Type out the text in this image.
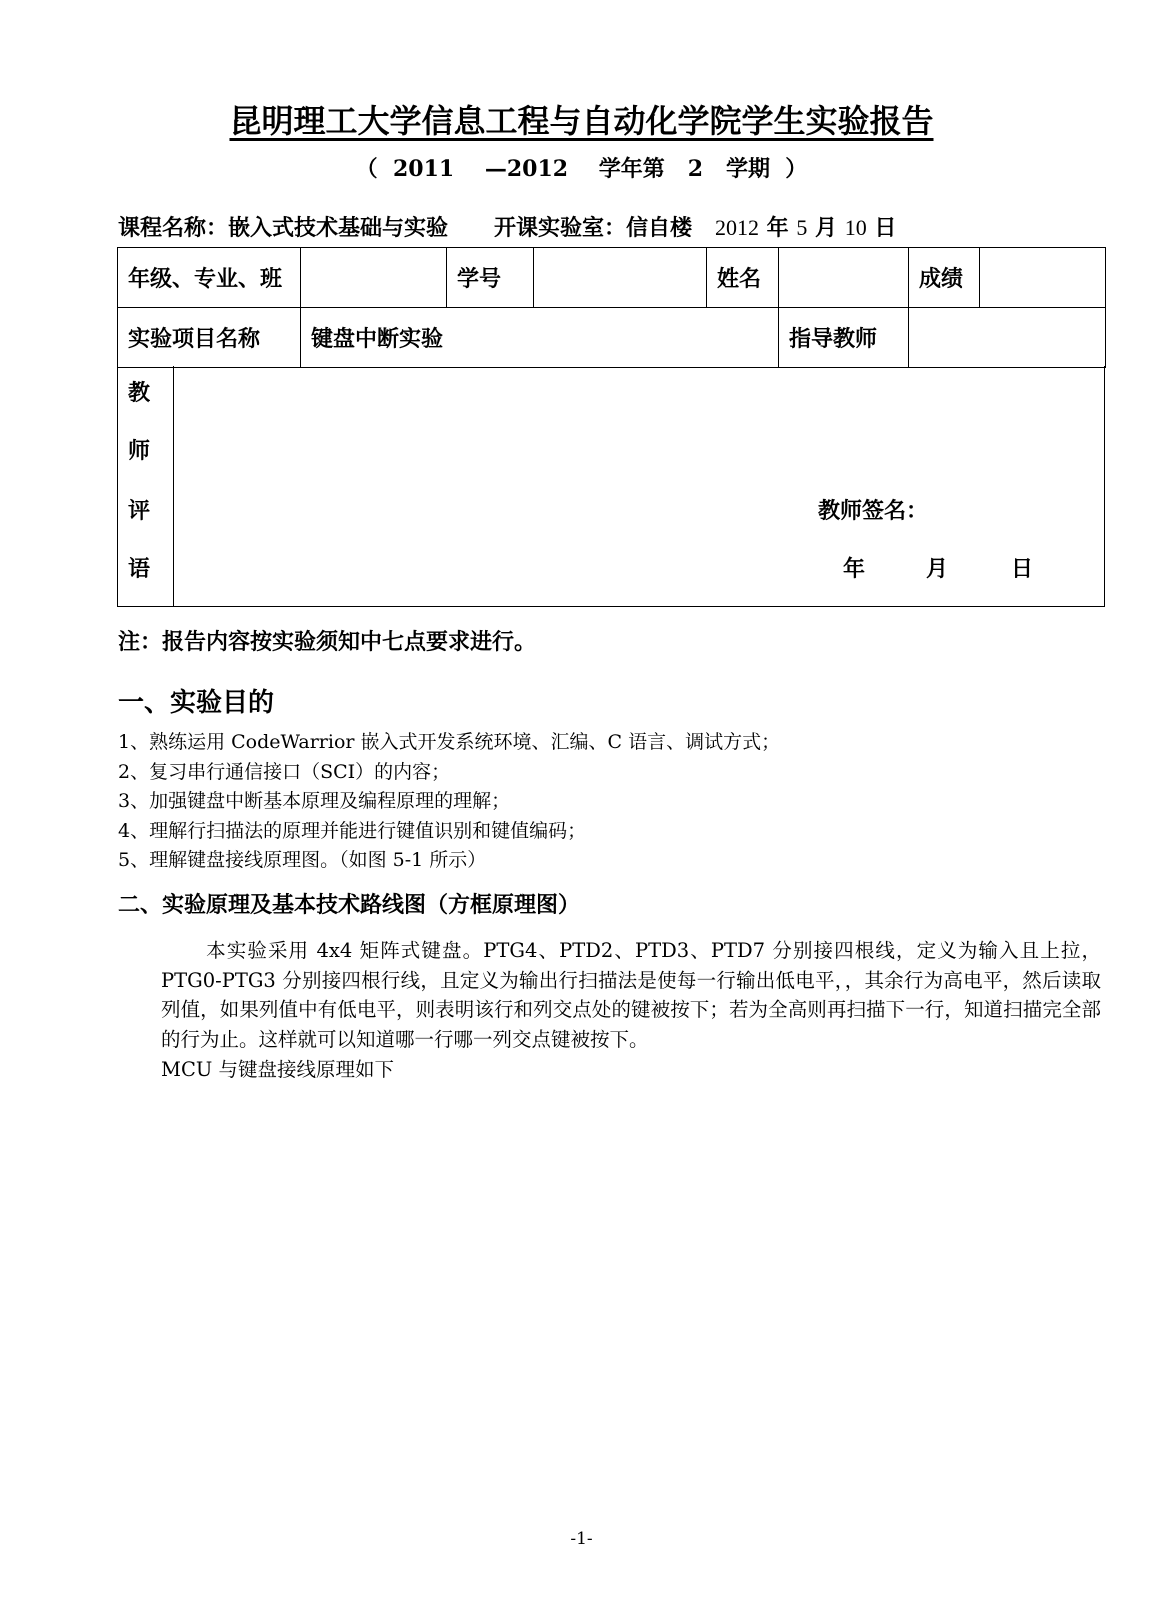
昆明理工大学信息工程与自动化学院学生实验报告
（  2011    —2012    学年第   2   学期  ）
课程名称：嵌入式技术基础与实验 开课实验室：信自楼 2012 年 5 月 10 日
年级、专业、班		学号		姓名		成绩	
实验项目名称	键盘中断实验				指导教师		
教
师
评
语
教师签名：
年	月	日
注：报告内容按实验须知中七点要求进行。
一、实验目的
1、熟练运用 CodeWarrior 嵌入式开发系统环境、汇编、C 语言、调试方式；
2、复习串行通信接口（SCI）的内容；
3、加强键盘中断基本原理及编程原理的理解；
4、理解行扫描法的原理并能进行键值识别和键值编码；
5、理解键盘接线原理图。（如图 5-1 所示）
二、实验原理及基本技术路线图（方框原理图）
本实验采用 4x4 矩阵式键盘。PTG4、PTD2、PTD3、PTD7 分别接四根线，定义为输入且上拉，PTG0-PTG3 分别接四根行线，且定义为输出行扫描法是使每一行输出低电平，，其余行为高电平，然后读取列值，如果列值中有低电平，则表明该行和列交点处的键被按下；若为全高则再扫描下一行，知道扫描完全部的行为止。这样就可以知道哪一行哪一列交点键被按下。
MCU 与键盘接线原理如下
-1-
